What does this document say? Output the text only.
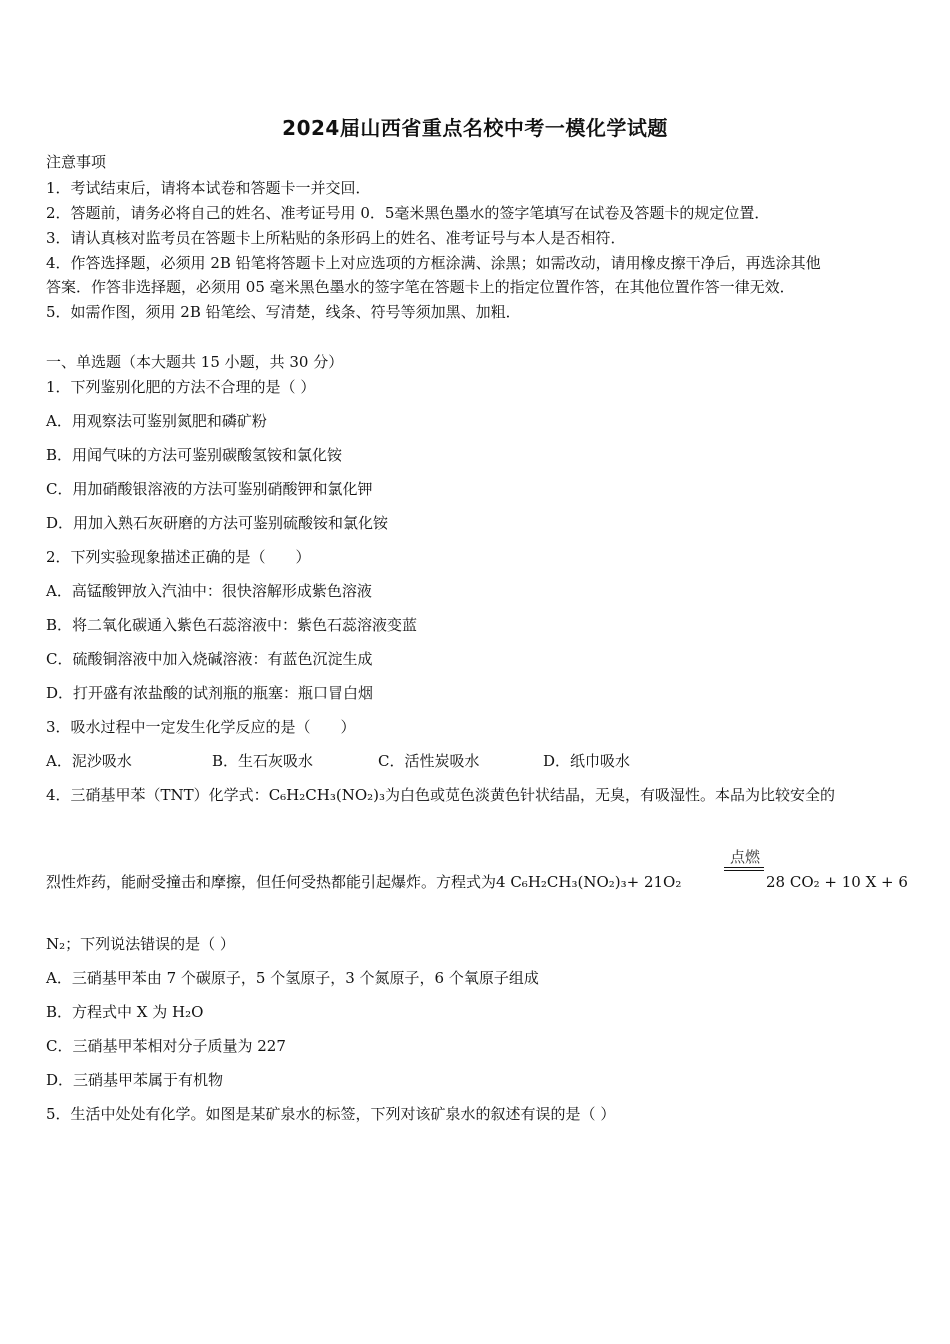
2024届山西省重点名校中考一模化学试题
注意事项
1．考试结束后，请将本试卷和答题卡一并交回．
2．答题前，请务必将自己的姓名、准考证号用 0．5毫米黑色墨水的签字笔填写在试卷及答题卡的规定位置．
3．请认真核对监考员在答题卡上所粘贴的条形码上的姓名、准考证号与本人是否相符．
4．作答选择题，必须用 2B 铅笔将答题卡上对应选项的方框涂满、涂黑；如需改动，请用橡皮擦干净后，再选涂其他
答案．作答非选择题，必须用 05 毫米黑色墨水的签字笔在答题卡上的指定位置作答，在其他位置作答一律无效．
5．如需作图，须用 2B 铅笔绘、写清楚，线条、符号等须加黑、加粗．
一、单选题（本大题共 15 小题，共 30 分）
1．下列鉴别化肥的方法不合理的是（ ）
A．用观察法可鉴别氮肥和磷矿粉
B．用闻气味的方法可鉴别碳酸氢铵和氯化铵
C．用加硝酸银溶液的方法可鉴别硝酸钾和氯化钾
D．用加入熟石灰研磨的方法可鉴别硫酸铵和氯化铵
2．下列实验现象描述正确的是（　　）
A．高锰酸钾放入汽油中：很快溶解形成紫色溶液
B．将二氧化碳通入紫色石蕊溶液中：紫色石蕊溶液变蓝
C．硫酸铜溶液中加入烧碱溶液：有蓝色沉淀生成
D．打开盛有浓盐酸的试剂瓶的瓶塞：瓶口冒白烟
3．吸水过程中一定发生化学反应的是（　　）
A．泥沙吸水	B．生石灰吸水	C．活性炭吸水	D．纸巾吸水
4．三硝基甲苯（TNT）化学式：C₆H₂CH₃(NO₂)₃为白色或苋色淡黄色针状结晶，无臭，有吸湿性。本品为比较安全的
点燃
烈性炸药，能耐受撞击和摩擦，但任何受热都能引起爆炸。方程式为4 C₆H₂CH₃(NO₂)₃+ 21O₂	28 CO₂ + 10 X + 6
N₂；下列说法错误的是（ ）
A．三硝基甲苯由 7 个碳原子，5 个氢原子，3 个氮原子，6 个氧原子组成
B．方程式中 X 为 H₂O
C．三硝基甲苯相对分子质量为 227
D．三硝基甲苯属于有机物
5．生活中处处有化学。如图是某矿泉水的标签，下列对该矿泉水的叙述有误的是（ ）
